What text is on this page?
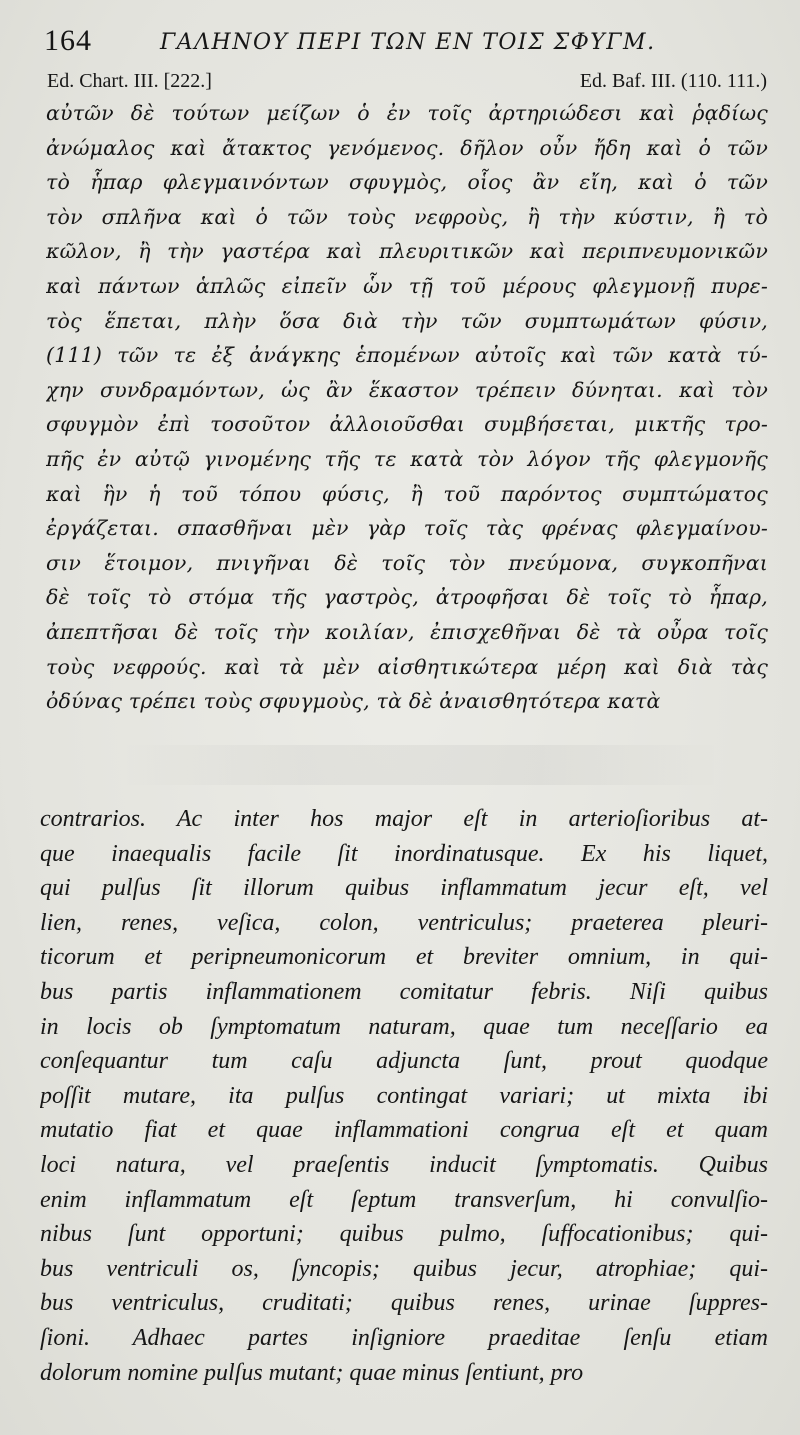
164	ΓΑΛΗΝΟΥ ΠΕΡΙ ΤΩΝ ΕΝ ΤΟΙΣ ΣΦΥΓΜ.
Ed. Chart. III. [222.]	Ed. Baf. III. (110. 111.)
αὐτῶν δὲ τούτων μείζων ὁ ἐν τοῖς ἀρτηριώδεσι καὶ ῥᾳδίως
ἀνώμαλος καὶ ἄτακτος γενόμενος. δῆλον οὖν ἤδη καὶ ὁ τῶν
τὸ ἧπαρ φλεγμαινόντων σφυγμὸς, οἷος ἂν εἴη, καὶ ὁ τῶν
τὸν σπλῆνα καὶ ὁ τῶν τοὺς νεφροὺς, ἢ τὴν κύστιν, ἢ τὸ
κῶλον, ἢ τὴν γαστέρα καὶ πλευριτικῶν καὶ περιπνευμονικῶν
καὶ πάντων ἁπλῶς εἰπεῖν ὧν τῇ τοῦ μέρους φλεγμονῇ πυρε-
τὸς ἕπεται, πλὴν ὅσα διὰ τὴν τῶν συμπτωμάτων φύσιν,
(111) τῶν τε ἐξ ἀνάγκης ἑπομένων αὐτοῖς καὶ τῶν κατὰ τύ-
χην συνδραμόντων, ὡς ἂν ἕκαστον τρέπειν δύνηται. καὶ τὸν
σφυγμὸν ἐπὶ τοσοῦτον ἀλλοιοῦσθαι συμβήσεται, μικτῆς τρο-
πῆς ἐν αὐτῷ γινομένης τῆς τε κατὰ τὸν λόγον τῆς φλεγμονῆς
καὶ ἣν ἡ τοῦ τόπου φύσις, ἢ τοῦ παρόντος συμπτώματος
ἐργάζεται. σπασθῆναι μὲν γὰρ τοῖς τὰς φρένας φλεγμαίνου-
σιν ἕτοιμον, πνιγῆναι δὲ τοῖς τὸν πνεύμονα, συγκοπῆναι
δὲ τοῖς τὸ στόμα τῆς γαστρὸς, ἀτροφῆσαι δὲ τοῖς τὸ ἧπαρ,
ἀπεπτῆσαι δὲ τοῖς τὴν κοιλίαν, ἐπισχεθῆναι δὲ τὰ οὖρα τοῖς
τοὺς νεφρούς. καὶ τὰ μὲν αἰσθητικώτερα μέρη καὶ διὰ τὰς
ὀδύνας τρέπει τοὺς σφυγμοὺς, τὰ δὲ ἀναισθητότερα κατὰ
contrarios. Ac inter hos major eſt in arterioſioribus at-
que inaequalis facile ſit inordinatusque. Ex his liquet,
qui pulſus ſit illorum quibus inflammatum jecur eſt, vel
lien, renes, veſica, colon, ventriculus; praeterea pleuri-
ticorum et peripneumonicorum et breviter omnium, in qui-
bus partis inflammationem comitatur febris. Niſi quibus
in locis ob ſymptomatum naturam, quae tum neceſſario ea
conſequantur tum caſu adjuncta ſunt, prout quodque
poſſit mutare, ita pulſus contingat variari; ut mixta ibi
mutatio fiat et quae inflammationi congrua eſt et quam
loci natura, vel praeſentis inducit ſymptomatis. Quibus
enim inflammatum eſt ſeptum transverſum, hi convulſio-
nibus ſunt opportuni; quibus pulmo, ſuffocationibus; qui-
bus ventriculi os, ſyncopis; quibus jecur, atrophiae; qui-
bus ventriculus, cruditati; quibus renes, urinae ſuppres-
ſioni. Adhaec partes inſigniore praeditae ſenſu etiam
dolorum nomine pulſus mutant; quae minus ſentiunt, pro
